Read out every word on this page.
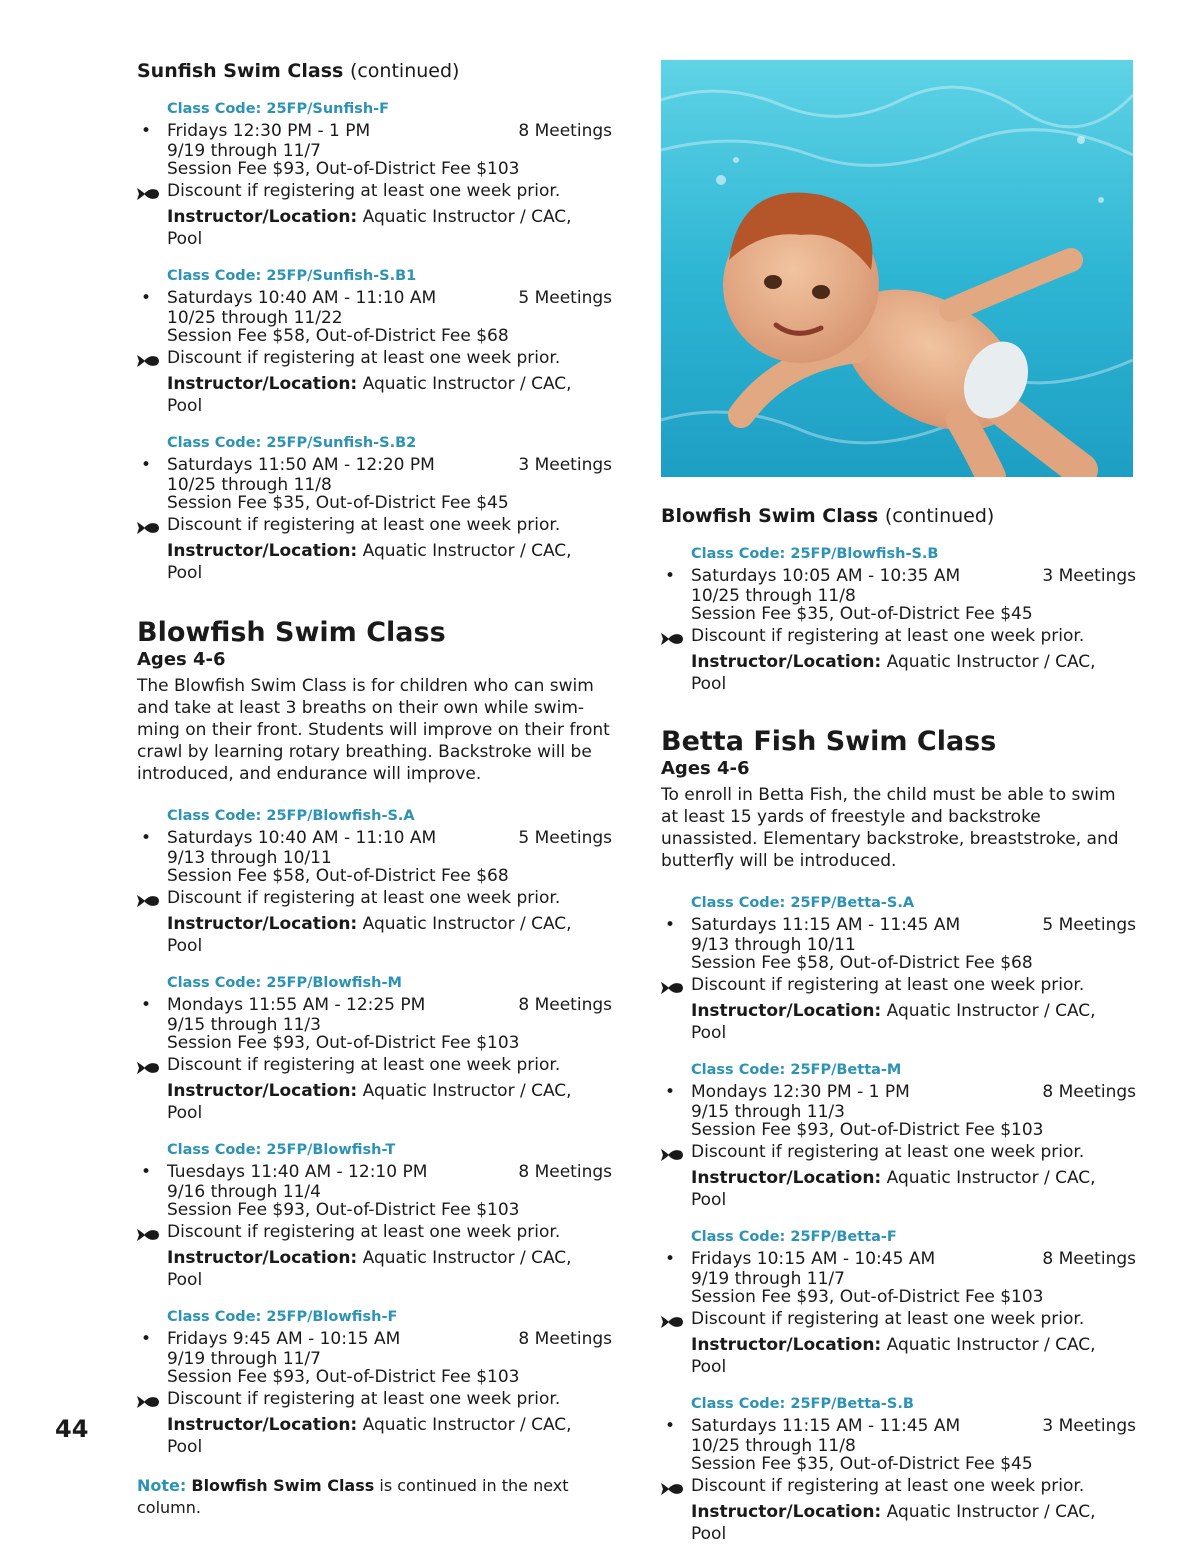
Sunfish Swim Class (continued)
Class Code: 25FP/Sunfish-F
• Fridays 12:30 PM - 1 PM	8 Meetings
9/19 through 11/7
Session Fee $93, Out-of-District Fee $103
Discount if registering at least one week prior.
Instructor/Location: Aquatic Instructor / CAC, Pool
Class Code: 25FP/Sunfish-S.B1
• Saturdays 10:40 AM - 11:10 AM	5 Meetings
10/25 through 11/22
Session Fee $58, Out-of-District Fee $68
Discount if registering at least one week prior.
Instructor/Location: Aquatic Instructor / CAC, Pool
Class Code: 25FP/Sunfish-S.B2
• Saturdays 11:50 AM - 12:20 PM	3 Meetings
10/25 through 11/8
Session Fee $35, Out-of-District Fee $45
Discount if registering at least one week prior.
Instructor/Location: Aquatic Instructor / CAC, Pool
Blowfish Swim Class
Ages 4-6

The Blowfish Swim Class is for children who can swim and take at least 3 breaths on their own while swim-ming on their front. Students will improve on their front crawl by learning rotary breathing. Backstroke will be introduced, and endurance will improve.

Class Code: 25FP/Blowfish-S.A
• Saturdays 10:40 AM - 11:10 AM	5 Meetings
9/13 through 10/11
Session Fee $58, Out-of-District Fee $68
Discount if registering at least one week prior.
Instructor/Location: Aquatic Instructor / CAC, Pool
Class Code: 25FP/Blowfish-M
• Mondays 11:55 AM - 12:25 PM	8 Meetings
9/15 through 11/3
Session Fee $93, Out-of-District Fee $103
Discount if registering at least one week prior.
Instructor/Location: Aquatic Instructor / CAC, Pool
Class Code: 25FP/Blowfish-T
• Tuesdays 11:40 AM - 12:10 PM	8 Meetings
9/16 through 11/4
Session Fee $93, Out-of-District Fee $103
Discount if registering at least one week prior.
Instructor/Location: Aquatic Instructor / CAC, Pool
Class Code: 25FP/Blowfish-F
• Fridays 9:45 AM - 10:15 AM	8 Meetings
9/19 through 11/7
Session Fee $93, Out-of-District Fee $103
Discount if registering at least one week prior.
Instructor/Location: Aquatic Instructor / CAC, Pool
Note: Blowfish Swim Class is continued in the next column.
Blowfish Swim Class (continued)
Class Code: 25FP/Blowfish-S.B
• Saturdays 10:05 AM - 10:35 AM	3 Meetings
10/25 through 11/8
Session Fee $35, Out-of-District Fee $45
Discount if registering at least one week prior.
Instructor/Location: Aquatic Instructor / CAC, Pool
Betta Fish Swim Class
Ages 4-6

To enroll in Betta Fish, the child must be able to swim at least 15 yards of freestyle and backstroke unassisted. Elementary backstroke, breaststroke, and butterfly will be introduced.

Class Code: 25FP/Betta-S.A
• Saturdays 11:15 AM - 11:45 AM	5 Meetings
9/13 through 10/11
Session Fee $58, Out-of-District Fee $68
Discount if registering at least one week prior.
Instructor/Location: Aquatic Instructor / CAC, Pool
Class Code: 25FP/Betta-M
• Mondays 12:30 PM - 1 PM	8 Meetings
9/15 through 11/3
Session Fee $93, Out-of-District Fee $103
Discount if registering at least one week prior.
Instructor/Location: Aquatic Instructor / CAC, Pool
Class Code: 25FP/Betta-F
• Fridays 10:15 AM - 10:45 AM	8 Meetings
9/19 through 11/7
Session Fee $93, Out-of-District Fee $103
Discount if registering at least one week prior.
Instructor/Location: Aquatic Instructor / CAC, Pool
Class Code: 25FP/Betta-S.B
• Saturdays 11:15 AM - 11:45 AM	3 Meetings
10/25 through 11/8
Session Fee $35, Out-of-District Fee $45
Discount if registering at least one week prior.
Instructor/Location: Aquatic Instructor / CAC, Pool
44
